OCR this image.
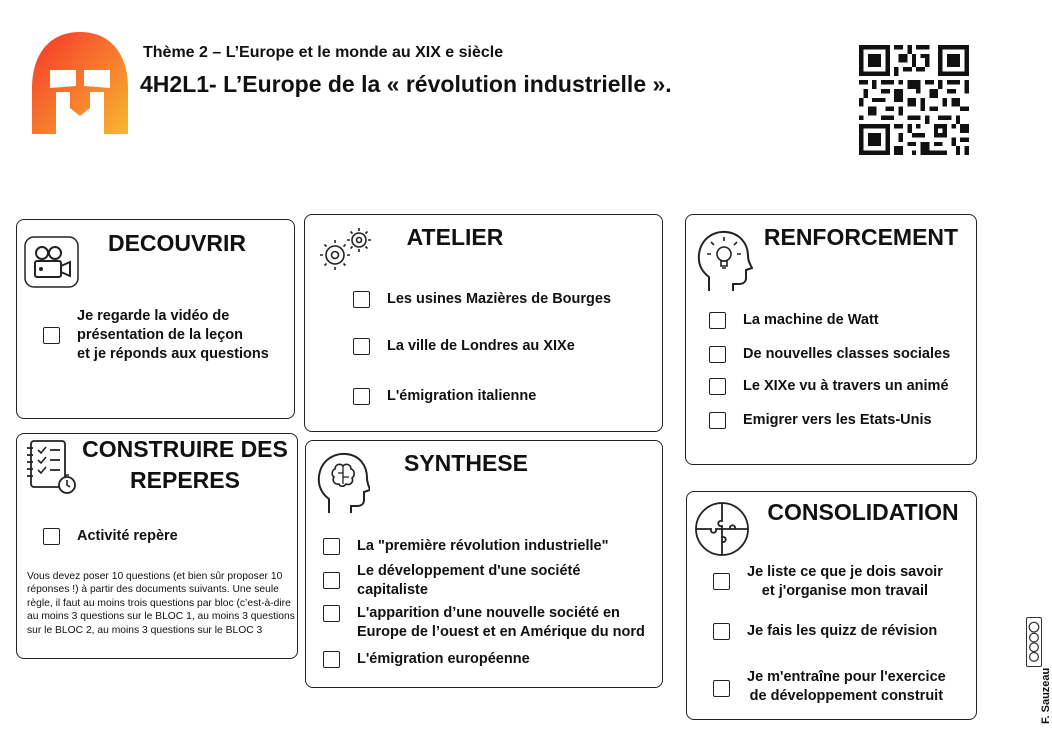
Thème 2 – L’Europe et le monde au XIX e siècle
4H2L1- L’Europe de la « révolution industrielle ».
DECOUVRIR
Je regarde la vidéo de
présentation de la leçon
et je réponds aux questions
ATELIER
Les usines Mazières de Bourges
La ville de Londres au XIXe
L'émigration italienne
RENFORCEMENT
La machine de Watt
De nouvelles classes sociales
Le XIXe vu à travers un animé
Emigrer vers les Etats-Unis
CONSTRUIRE DES
REPERES
Activité repère
Vous devez poser 10 questions (et bien sûr proposer 10 réponses !) à partir des documents suivants. Une seule règle, il faut au moins trois questions par bloc (c’est-à-dire au moins 3 questions sur le BLOC 1, au moins 3 questions sur le BLOC 2, au moins 3 questions sur le BLOC 3
SYNTHESE
La "première révolution industrielle"
Le développement d'une société
capitaliste
L'apparition d’une nouvelle société en
Europe de l’ouest et en Amérique du nord
L'émigration européenne
CONSOLIDATION
Je liste ce que je dois savoir
et j'organise mon travail
Je fais les quizz de révision
Je m'entraîne pour l'exercice
de développement construit	F. Sauzeau
